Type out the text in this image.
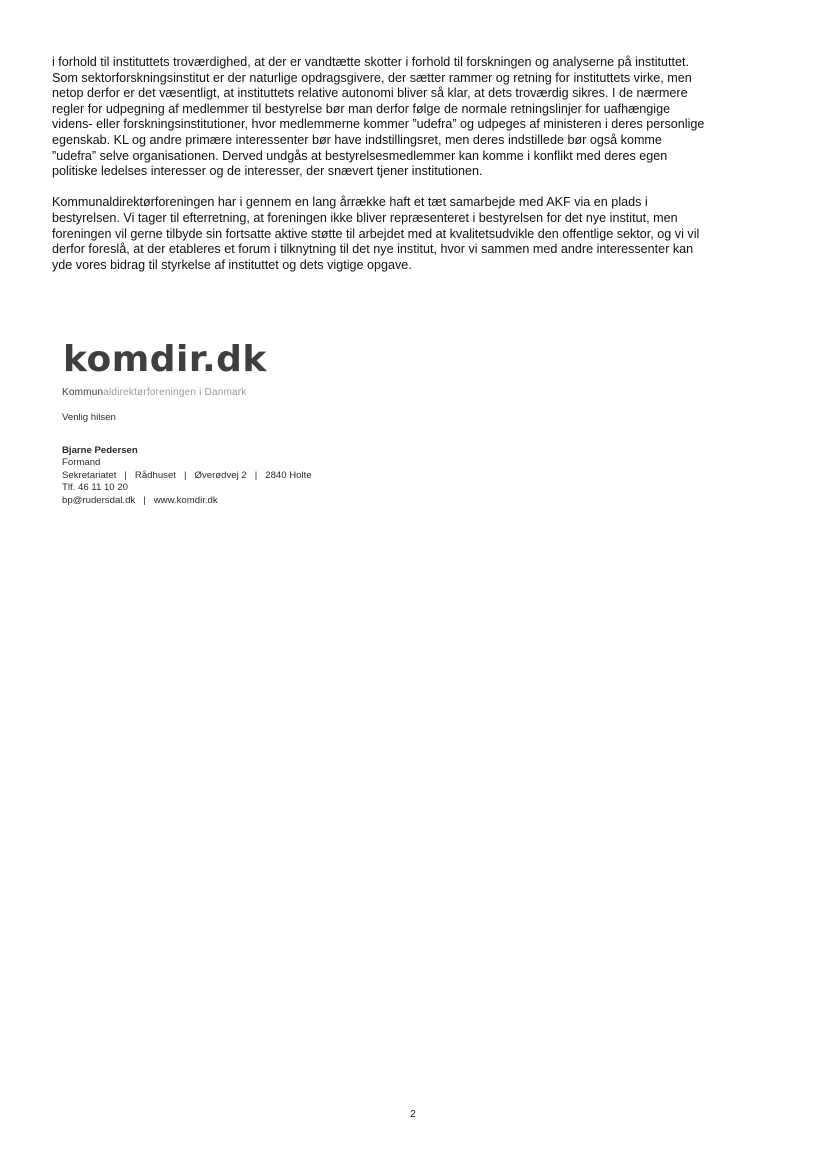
i forhold til instituttets troværdighed, at der er vandtætte skotter i forhold til forskningen og analyserne på instituttet.
Som sektorforskningsinstitut er der naturlige opdragsgivere, der sætter rammer og retning for instituttets virke, men
netop derfor er det væsentligt, at instituttets relative autonomi bliver så klar, at dets troværdig sikres. I de nærmere
regler for udpegning af medlemmer til bestyrelse bør man derfor følge de normale retningslinjer for uafhængige
videns- eller forskningsinstitutioner, hvor medlemmerne kommer ”udefra” og udpeges af ministeren i deres personlige
egenskab. KL og andre primære interessenter bør have indstillingsret, men deres indstillede bør også komme
”udefra” selve organisationen. Derved undgås at bestyrelsesmedlemmer kan komme i konflikt med deres egen
politiske ledelses interesser og de interesser, der snævert tjener institutionen.
Kommunaldirektørforeningen har i gennem en lang årrække haft et tæt samarbejde med AKF via en plads i
bestyrelsen. Vi tager til efterretning, at foreningen ikke bliver repræsenteret i bestyrelsen for det nye institut, men
foreningen vil gerne tilbyde sin fortsatte aktive støtte til arbejdet med at kvalitetsudvikle den offentlige sektor, og vi vil
derfor foreslå, at der etableres et forum i tilknytning til det nye institut, hvor vi sammen med andre interessenter kan
yde vores bidrag til styrkelse af instituttet og dets vigtige opgave.
komdir.dk
Kommunaldirektørforeningen i Danmark
Venlig hilsen
Bjarne Pedersen
Formand
Sekretariatet | Rådhuset | Øverødvej 2 | 2840 Holte
Tlf. 46 11 10 20
bp@rudersdal.dk | www.komdir.dk
2
